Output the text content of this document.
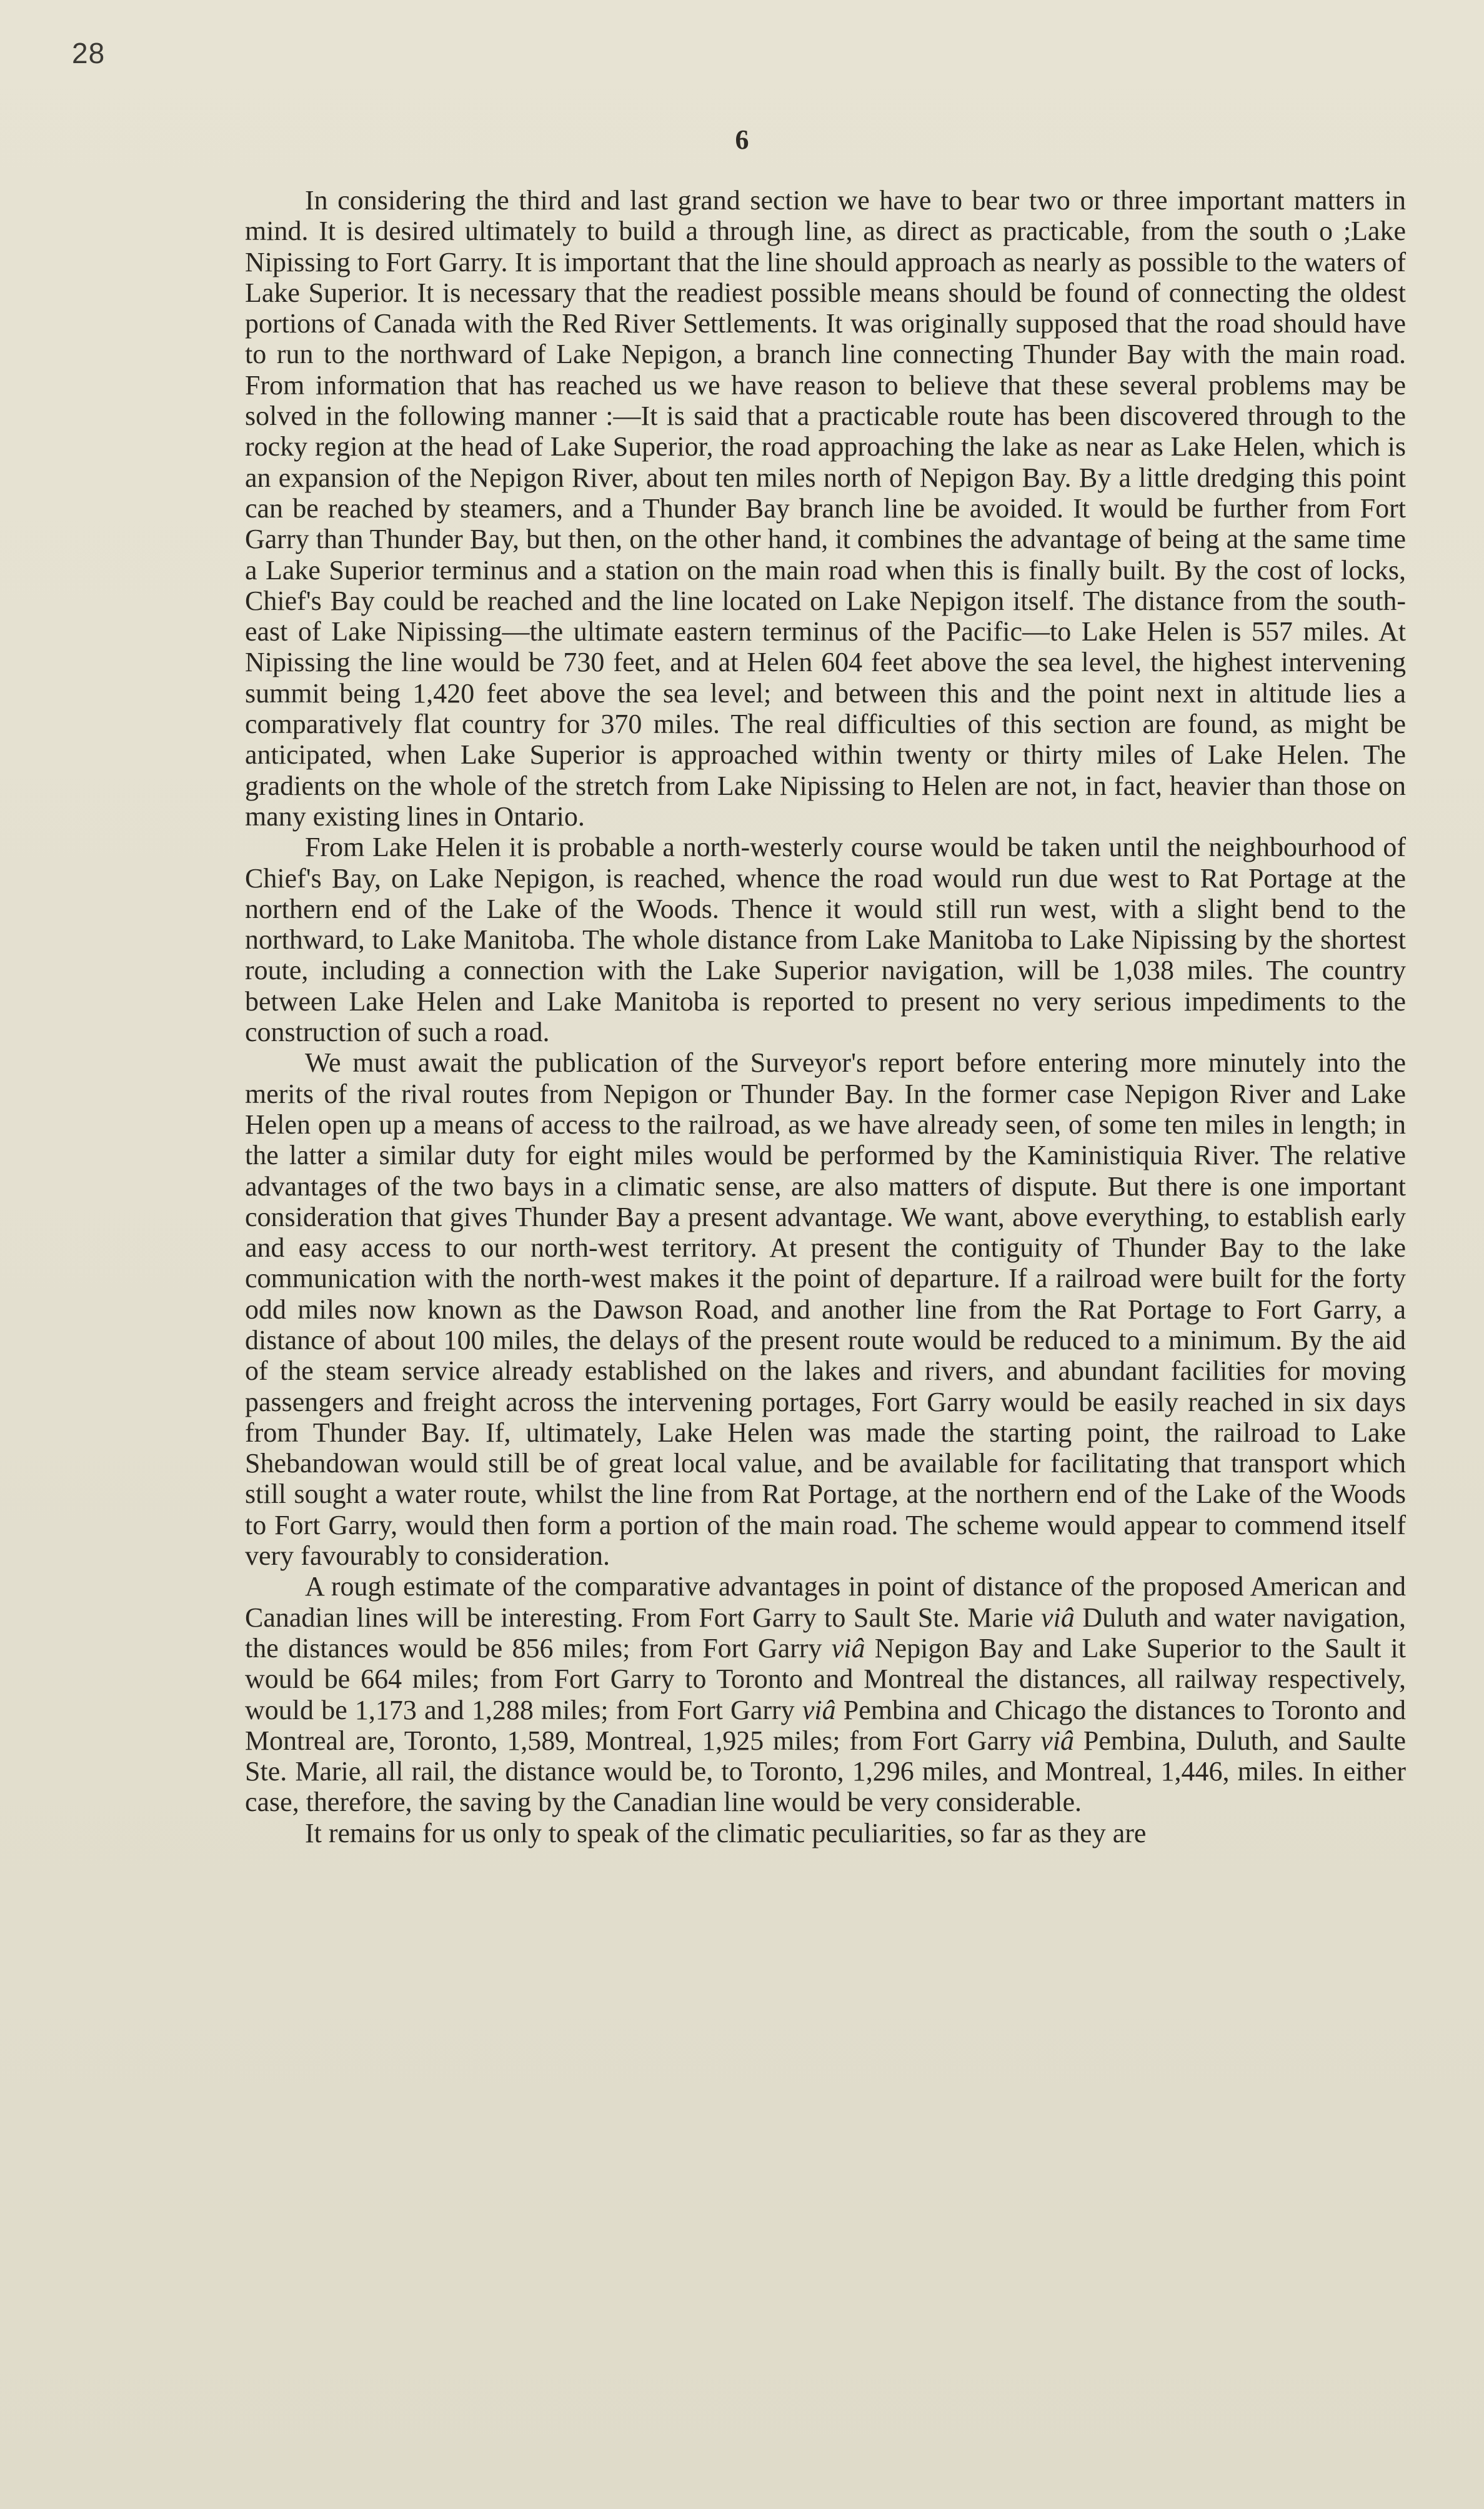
28
6

In considering the third and last grand section we have to bear two or three important matters in mind. It is desired ultimately to build a through line, as direct as practicable, from the south o ;Lake Nipissing to Fort Garry. It is important that the line should approach as nearly as possible to the waters of Lake Superior. It is necessary that the readiest possible means should be found of connecting the oldest portions of Canada with the Red River Settlements. It was originally supposed that the road should have to run to the northward of Lake Nepigon, a branch line connecting Thunder Bay with the main road. From information that has reached us we have reason to believe that these several problems may be solved in the following manner :—It is said that a practicable route has been discovered through to the rocky region at the head of Lake Superior, the road approaching the lake as near as Lake Helen, which is an expansion of the Nepigon River, about ten miles north of Nepigon Bay. By a little dredging this point can be reached by steamers, and a Thunder Bay branch line be avoided. It would be further from Fort Garry than Thunder Bay, but then, on the other hand, it combines the advantage of being at the same time a Lake Superior terminus and a station on the main road when this is finally built. By the cost of locks, Chief's Bay could be reached and the line located on Lake Nepigon itself. The distance from the south-east of Lake Nipissing—the ultimate eastern terminus of the Pacific—to Lake Helen is 557 miles. At Nipissing the line would be 730 feet, and at Helen 604 feet above the sea level, the highest intervening summit being 1,420 feet above the sea level; and between this and the point next in altitude lies a comparatively flat country for 370 miles. The real difficulties of this section are found, as might be anticipated, when Lake Superior is approached within twenty or thirty miles of Lake Helen. The gradients on the whole of the stretch from Lake Nipissing to Helen are not, in fact, heavier than those on many existing lines in Ontario.

From Lake Helen it is probable a north-westerly course would be taken until the neighbourhood of Chief's Bay, on Lake Nepigon, is reached, whence the road would run due west to Rat Portage at the northern end of the Lake of the Woods. Thence it would still run west, with a slight bend to the northward, to Lake Manitoba. The whole distance from Lake Manitoba to Lake Nipissing by the shortest route, including a connection with the Lake Superior navigation, will be 1,038 miles. The country between Lake Helen and Lake Manitoba is reported to present no very serious impediments to the construction of such a road.

We must await the publication of the Surveyor's report before entering more minutely into the merits of the rival routes from Nepigon or Thunder Bay. In the former case Nepigon River and Lake Helen open up a means of access to the railroad, as we have already seen, of some ten miles in length; in the latter a similar duty for eight miles would be performed by the Kaministiquia River. The relative advantages of the two bays in a climatic sense, are also matters of dispute. But there is one important consideration that gives Thunder Bay a present advantage. We want, above everything, to establish early and easy access to our north-west territory. At present the contiguity of Thunder Bay to the lake communication with the north-west makes it the point of departure. If a railroad were built for the forty odd miles now known as the Dawson Road, and another line from the Rat Portage to Fort Garry, a distance of about 100 miles, the delays of the present route would be reduced to a minimum. By the aid of the steam service already established on the lakes and rivers, and abundant facilities for moving passengers and freight across the intervening portages, Fort Garry would be easily reached in six days from Thunder Bay. If, ultimately, Lake Helen was made the starting point, the railroad to Lake Shebandowan would still be of great local value, and be available for facilitating that transport which still sought a water route, whilst the line from Rat Portage, at the northern end of the Lake of the Woods to Fort Garry, would then form a portion of the main road. The scheme would appear to commend itself very favourably to consideration.

A rough estimate of the comparative advantages in point of distance of the proposed American and Canadian lines will be interesting. From Fort Garry to Sault Ste. Marie viâ Duluth and water navigation, the distances would be 856 miles; from Fort Garry viâ Nepigon Bay and Lake Superior to the Sault it would be 664 miles; from Fort Garry to Toronto and Montreal the distances, all railway respectively, would be 1,173 and 1,288 miles; from Fort Garry viâ Pembina and Chicago the distances to Toronto and Montreal are, Toronto, 1,589, Montreal, 1,925 miles; from Fort Garry viâ Pembina, Duluth, and Saulte Ste. Marie, all rail, the distance would be, to Toronto, 1,296 miles, and Montreal, 1,446, miles. In either case, therefore, the saving by the Canadian line would be very considerable.

It remains for us only to speak of the climatic peculiarities, so far as they are
